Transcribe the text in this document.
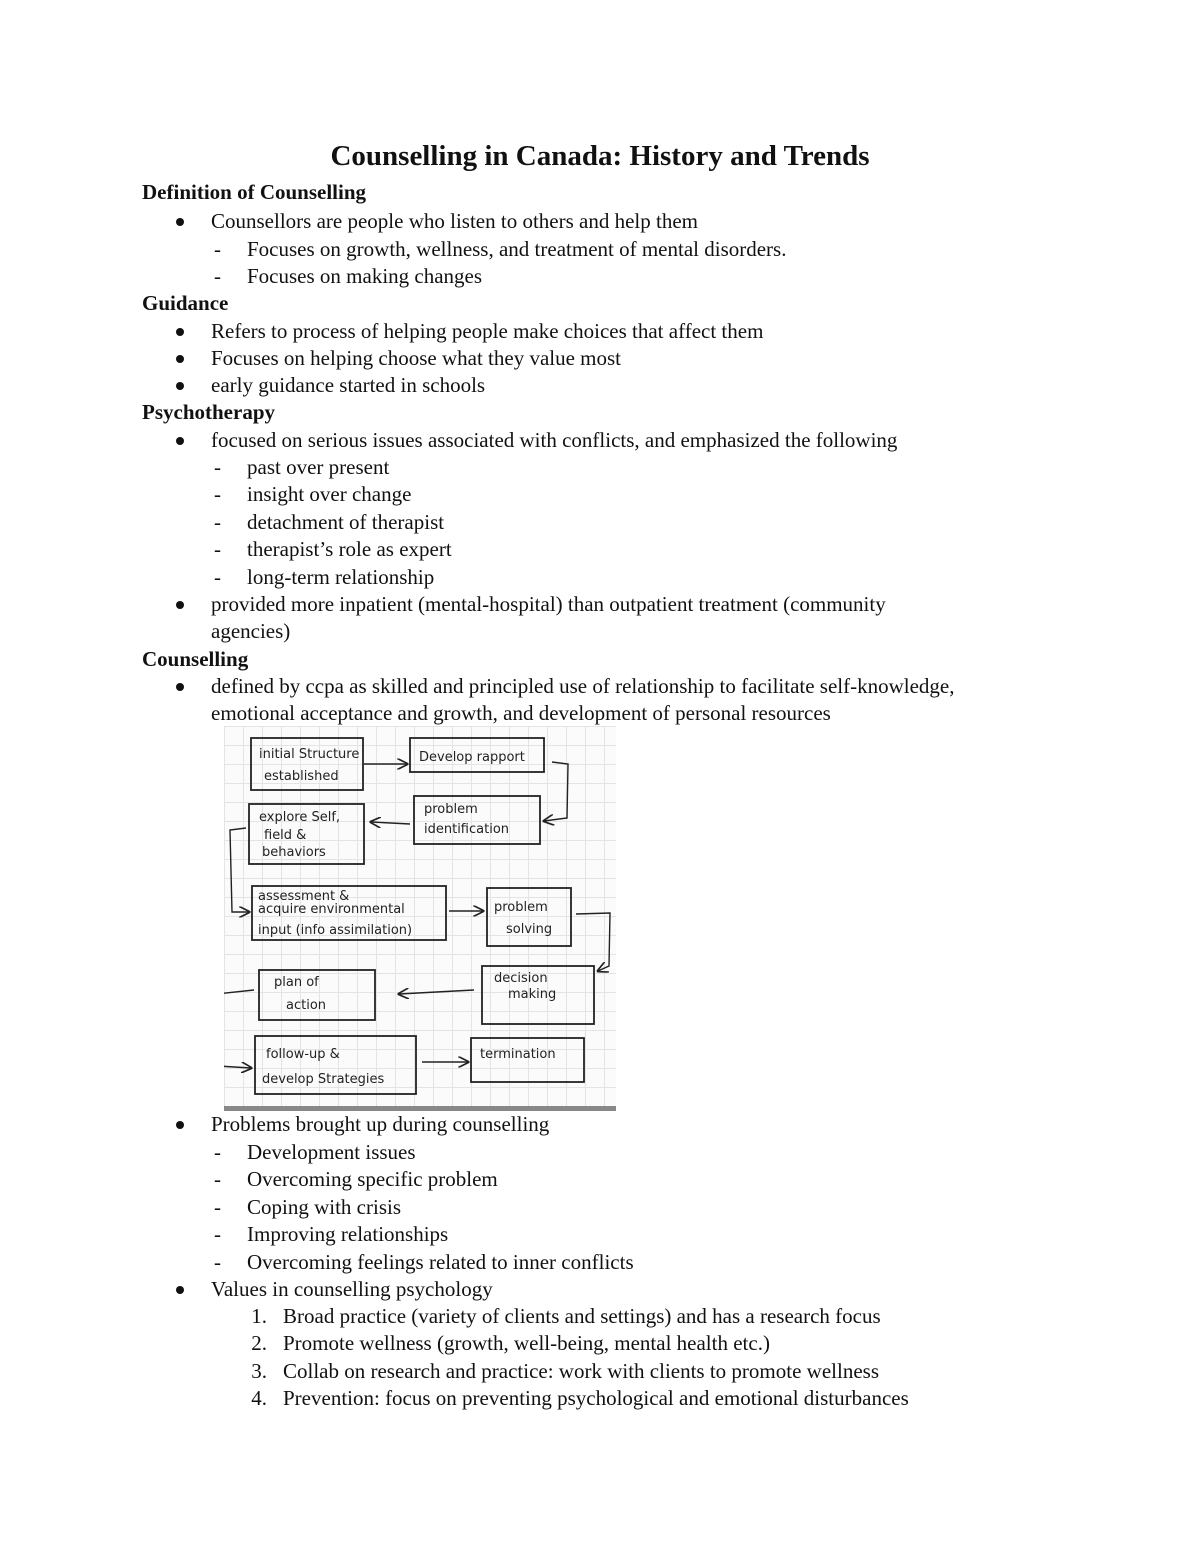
Counselling in Canada: History and Trends
Definition of Counselling
Counsellors are people who listen to others and help them
- Focuses on growth, wellness, and treatment of mental disorders.
- Focuses on making changes
Guidance
Refers to process of helping people make choices that affect them
Focuses on helping choose what they value most
early guidance started in schools
Psychotherapy
focused on serious issues associated with conflicts, and emphasized the following
- past over present
- insight over change
- detachment of therapist
- therapist’s role as expert
- long-term relationship
provided more inpatient (mental-hospital) than outpatient treatment (community
agencies)
Counselling
defined by ccpa as skilled and principled use of relationship to facilitate self-knowledge,
emotional acceptance and growth, and development of personal resources
initial Structure
established
Develop rapport
problem
identification
explore Self,
field &
behaviors
assessment &
acquire environmental
input (info assimilation)
problem
solving
decision
making
plan of
action
follow-up &
develop Strategies
termination
Problems brought up during counselling
- Development issues
- Overcoming specific problem
- Coping with crisis
- Improving relationships
- Overcoming feelings related to inner conflicts
Values in counselling psychology
1. Broad practice (variety of clients and settings) and has a research focus
2. Promote wellness (growth, well-being, mental health etc.)
3. Collab on research and practice: work with clients to promote wellness
4. Prevention: focus on preventing psychological and emotional disturbances
